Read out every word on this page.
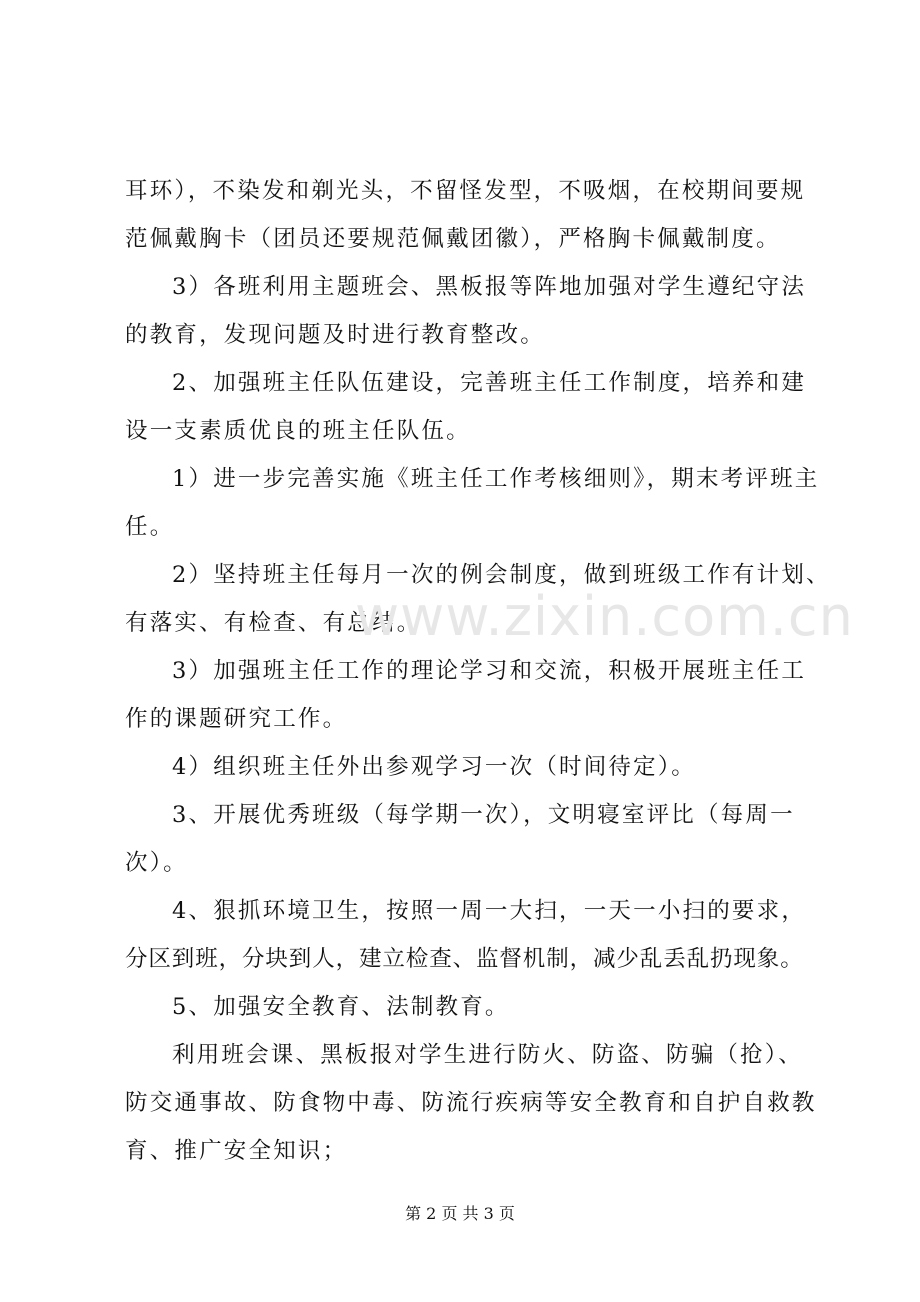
耳环），不染发和剃光头，不留怪发型，不吸烟，在校期间要规
范佩戴胸卡（团员还要规范佩戴团徽），严格胸卡佩戴制度。
3）各班利用主题班会、黑板报等阵地加强对学生遵纪守法
的教育，发现问题及时进行教育整改。
2、加强班主任队伍建设，完善班主任工作制度，培养和建
设一支素质优良的班主任队伍。
1）进一步完善实施《班主任工作考核细则》，期末考评班主
任。
2）坚持班主任每月一次的例会制度，做到班级工作有计划、
有落实、有检查、有总结。
3）加强班主任工作的理论学习和交流，积极开展班主任工
作的课题研究工作。
4）组织班主任外出参观学习一次（时间待定）。
3、开展优秀班级（每学期一次），文明寝室评比（每周一
次）。
4、狠抓环境卫生，按照一周一大扫，一天一小扫的要求，
分区到班，分块到人，建立检查、监督机制，减少乱丢乱扔现象。
5、加强安全教育、法制教育。
利用班会课、黑板报对学生进行防火、防盗、防骗（抢）、
防交通事故、防食物中毒、防流行疾病等安全教育和自护自救教
育、推广安全知识；
www.zixin.com.cn
第 2 页 共 3 页
